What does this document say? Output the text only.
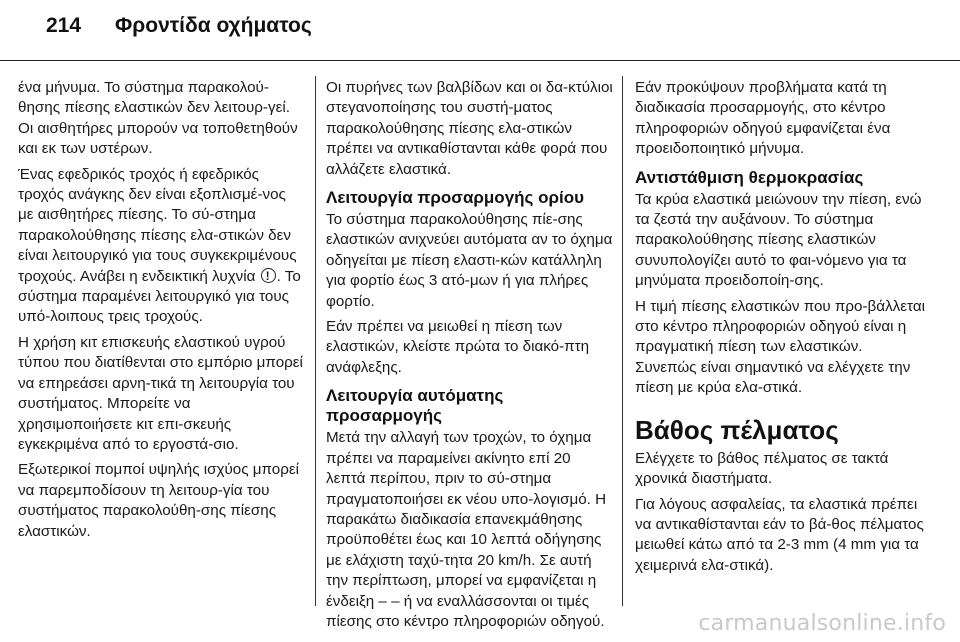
214 Φροντίδα οχήματος

ένα μήνυμα. Το σύστημα παρακολού-θησης πίεσης ελαστικών δεν λειτουρ-γεί. Οι αισθητήρες μπορούν να τοποθετηθούν και εκ των υστέρων.

Ένας εφεδρικός τροχός ή εφεδρικός τροχός ανάγκης δεν είναι εξοπλισμέ-νος με αισθητήρες πίεσης. Το σύ-στημα παρακολούθησης πίεσης ελα-στικών δεν είναι λειτουργικό για τους συγκεκριμένους τροχούς. Ανάβει η ενδεικτική λυχνία ! . Το σύστημα παραμένει λειτουργικό για τους υπό-λοιπους τρεις τροχούς.

Η χρήση κιτ επισκευής ελαστικού υγρού τύπου που διατίθενται στο εμπόριο μπορεί να επηρεάσει αρνη-τικά τη λειτουργία του συστήματος. Μπορείτε να χρησιμοποιήσετε κιτ επι-σκευής εγκεκριμένα από το εργοστά-σιο.

Εξωτερικοί πομποί υψηλής ισχύος μπορεί να παρεμποδίσουν τη λειτουρ-γία του συστήματος παρακολούθη-σης πίεσης ελαστικών.

Οι πυρήνες των βαλβίδων και οι δα-κτύλιοι στεγανοποίησης του συστή-ματος παρακολούθησης πίεσης ελα-στικών πρέπει να αντικαθίστανται κάθε φορά που αλλάζετε ελαστικά.

Λειτουργία προσαρμογής ορίου

Το σύστημα παρακολούθησης πίε-σης ελαστικών ανιχνεύει αυτόματα αν το όχημα οδηγείται με πίεση ελαστι-κών κατάλληλη για φορτίο έως 3 ατό-μων ή για πλήρες φορτίο.

Εάν πρέπει να μειωθεί η πίεση των ελαστικών, κλείστε πρώτα το διακό-πτη ανάφλεξης.

Λειτουργία αυτόματης προσαρμογής

Μετά την αλλαγή των τροχών, το όχημα πρέπει να παραμείνει ακίνητο επί 20 λεπτά περίπου, πριν το σύ-στημα πραγματοποιήσει εκ νέου υπο-λογισμό. Η παρακάτω διαδικασία επανεκμάθησης προϋποθέτει έως και 10 λεπτά οδήγησης με ελάχιστη ταχύ-τητα 20 km/h. Σε αυτή την περίπτωση, μπορεί να εμφανίζεται η ένδειξη – – ή να εναλλάσσονται οι τιμές πίεσης στο κέντρο πληροφοριών οδηγού.

Εάν προκύψουν προβλήματα κατά τη διαδικασία προσαρμογής, στο κέντρο πληροφοριών οδηγού εμφανίζεται ένα προειδοποιητικό μήνυμα.

Αντιστάθμιση θερμοκρασίας

Τα κρύα ελαστικά μειώνουν την πίεση, ενώ τα ζεστά την αυξάνουν. Το σύστημα παρακολούθησης πίεσης ελαστικών συνυπολογίζει αυτό το φαι-νόμενο για τα μηνύματα προειδοποίη-σης.

Η τιμή πίεσης ελαστικών που προ-βάλλεται στο κέντρο πληροφοριών οδηγού είναι η πραγματική πίεση των ελαστικών. Συνεπώς είναι σημαντικό να ελέγχετε την πίεση με κρύα ελα-στικά.

Βάθος πέλματος

Ελέγχετε το βάθος πέλματος σε τακτά χρονικά διαστήματα.

Για λόγους ασφαλείας, τα ελαστικά πρέπει να αντικαθίστανται εάν το βά-θος πέλματος μειωθεί κάτω από τα 2-3 mm (4 mm για τα χειμερινά ελα-στικά).

carmanualsonline.info
